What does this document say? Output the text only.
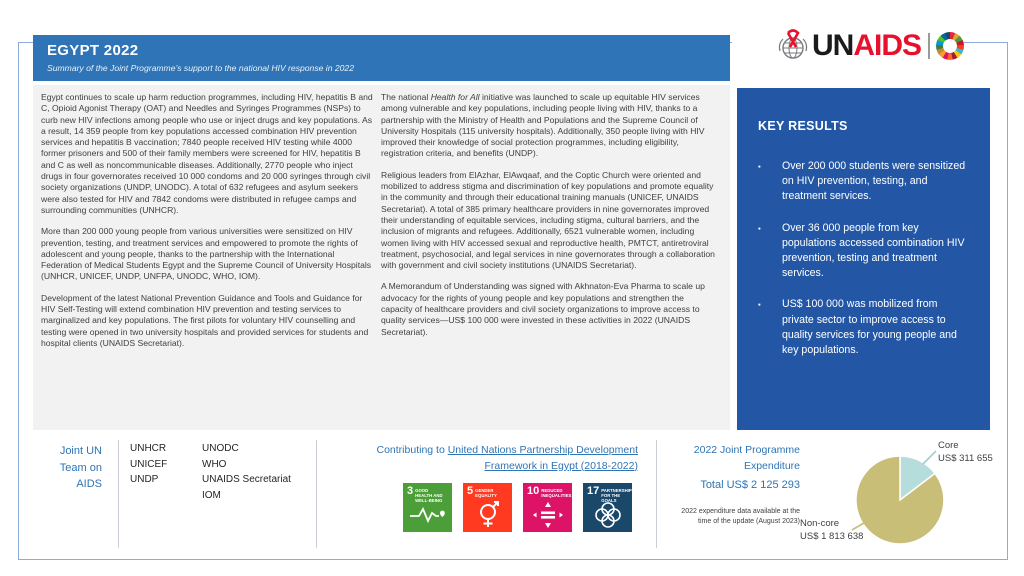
EGYPT 2022
Summary of the Joint Programme’s support to the national HIV response in 2022
UNAIDS

Egypt continues to scale up harm reduction programmes, including HIV, hepatitis B and C, Opioid Agonist Therapy (OAT) and Needles and Syringes Programmes (NSPs) to curb new HIV infections among people who use or inject drugs and key populations. As a result, 14 359 people from key populations accessed combination HIV prevention services and hepatitis B vaccination; 7840 people received HIV testing while 4000 former prisoners and 500 of their family members were screened for HIV, hepatitis B and C as well as noncommunicable diseases. Additionally, 2770 people who inject drugs in four governorates received 10 000 condoms and 20 000 syringes through civil society organizations (UNDP, UNODC). A total of 632 refugees and asylum seekers were also tested for HIV and 7842 condoms were distributed in refugee camps and surrounding communities (UNHCR).

More than 200 000 young people from various universities were sensitized on HIV prevention, testing, and treatment services and empowered to promote the rights of adolescent and young people, thanks to the partnership with the International Federation of Medical Students Egypt and the Supreme Council of University Hospitals (UNHCR, UNICEF, UNDP, UNFPA, UNODC, WHO, IOM).

Development of the latest National Prevention Guidance and Tools and Guidance for HIV Self-Testing will extend combination HIV prevention and testing services to marginalized and key populations. The first pilots for voluntary HIV counselling and testing were opened in two university hospitals and provided services for students and hospital clients (UNAIDS Secretariat).

The national Health for All initiative was launched to scale up equitable HIV services among vulnerable and key populations, including people living with HIV, thanks to a partnership with the Ministry of Health and Populations and the Supreme Council of University Hospitals (115 university hospitals). Additionally, 350 people living with HIV improved their knowledge of social protection programmes, including eligibility, registration criteria, and benefits (UNDP).

Religious leaders from ElAzhar, ElAwqaaf, and the Coptic Church were oriented and mobilized to address stigma and discrimination of key populations and promote equality in the community and through their educational training manuals (UNICEF, UNAIDS Secretariat). A total of 385 primary healthcare providers in nine governorates improved their understanding of equitable services, including stigma, cultural barriers, and the inclusion of migrants and refugees. Additionally, 6521 vulnerable women, including women living with HIV accessed sexual and reproductive health, PMTCT, antiretroviral treatment, psychosocial, and legal services in nine governorates through a collaboration with government and civil society institutions (UNAIDS Secretariat).

A Memorandum of Understanding was signed with Akhnaton-Eva Pharma to scale up advocacy for the rights of young people and key populations and strengthen the capacity of healthcare providers and civil society organizations to improve access to quality services—US$ 100 000 were invested in these activities in 2022 (UNAIDS Secretariat).

KEY RESULTS
▪
Over 200 000 students were sensitized on HIV prevention, testing, and treatment services.
▪
Over 36 000 people from key populations accessed combination HIV prevention, testing and treatment services.
▪
US$ 100 000 was mobilized from private sector to improve access to quality services for young people and key populations.
Joint UN Team on AIDS
UNHCR
UNICEF
UNDP
UNODC
WHO
UNAIDS Secretariat
IOM
Contributing to United Nations Partnership Development Framework in Egypt (2018-2022)
3 GOOD HEALTH AND WELL-BEING
5 GENDER EQUALITY	10 REDUCED INEQUALITIES 17 PARTNERSHIPS FOR THE GOALS
2022 Joint Programme Expenditure
Total US$ 2 125 293
2022 expenditure data available at the time of the update (August 2023)
Core
US$ 311 655
Non-core
US$ 1 813 638
